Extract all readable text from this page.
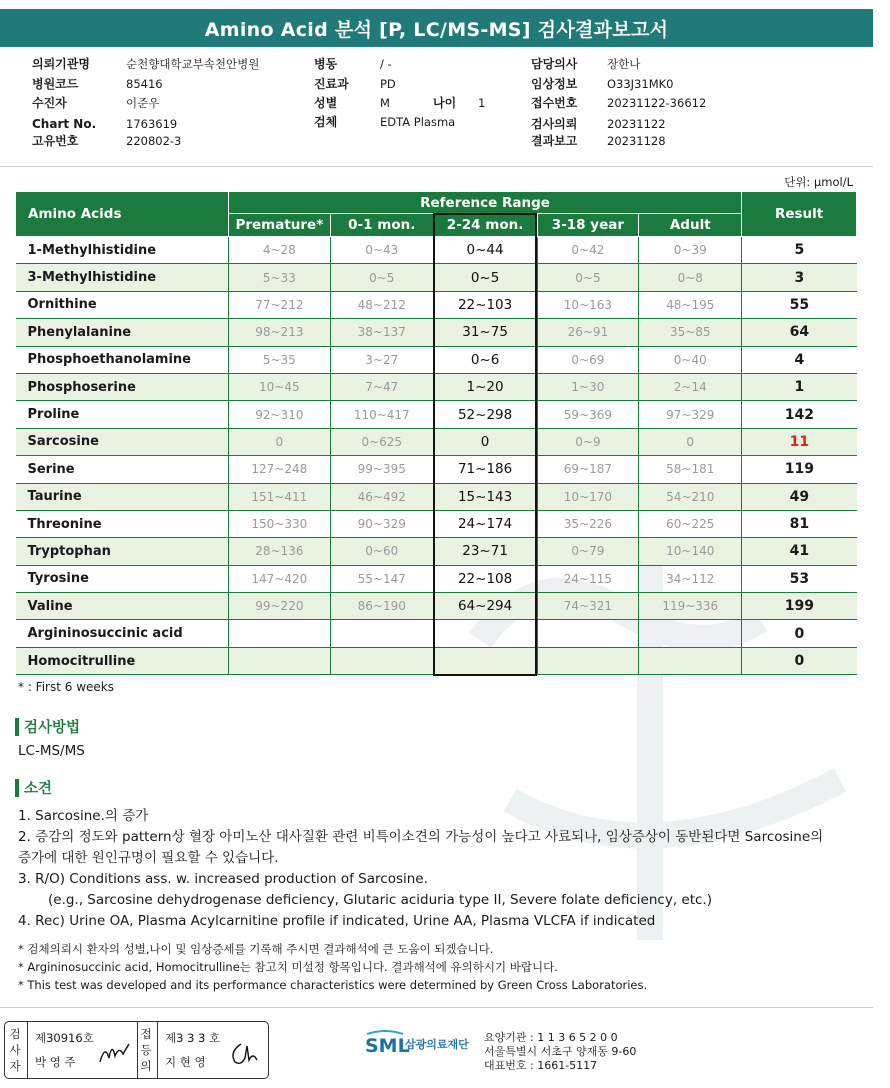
Amino Acid 분석 [P, LC/MS-MS] 검사결과보고서
의뢰기관명	순천향대학교부속천안병원
병원코드	85416
수진자	이준우
Chart No.	1763619
고유번호	220802-3
병동	/ -
진료과	PD
성별	M	나이 1
검체	EDTA Plasma
담당의사	장한나
임상정보	O33J31MK0
접수번호	20231122-36612
검사의뢰	20231122
결과보고	20231128
단위: µmol/L
Amino Acids	Reference Range					Result
	Premature*	0-1 mon.	2-24 mon.	3-18 year	Adult	
1-Methylhistidine	4~28	0~43	0~44	0~42	0~39	5
3-Methylhistidine	5~33	0~5	0~5	0~5	0~8	3
Ornithine	77~212	48~212	22~103	10~163	48~195	55
Phenylalanine	98~213	38~137	31~75	26~91	35~85	64
Phosphoethanolamine	5~35	3~27	0~6	0~69	0~40	4
Phosphoserine	10~45	7~47	1~20	1~30	2~14	1
Proline	92~310	110~417	52~298	59~369	97~329	142
Sarcosine	0	0~625	0	0~9	0	11
Serine	127~248	99~395	71~186	69~187	58~181	119
Taurine	151~411	46~492	15~143	10~170	54~210	49
Threonine	150~330	90~329	24~174	35~226	60~225	81
Tryptophan	28~136	0~60	23~71	0~79	10~140	41
Tyrosine	147~420	55~147	22~108	24~115	34~112	53
Valine	99~220	86~190	64~294	74~321	119~336	199
Argininosuccinic acid						0
Homocitrulline						0
* : First 6 weeks
검사방법
LC-MS/MS
소견
1. Sarcosine.의 증가
2. 증감의 정도와 pattern상 혈장 아미노산 대사질환 관련 비특이소견의 가능성이 높다고 사료되나, 임상증상이 동반된다면 Sarcosine의
증가에 대한 원인규명이 필요할 수 있습니다.
3. R/O) Conditions ass. w. increased production of Sarcosine.
(e.g., Sarcosine dehydrogenase deficiency, Glutaric aciduria type II, Severe folate deficiency, etc.)
4. Rec) Urine OA, Plasma Acylcarnitine profile if indicated, Urine AA, Plasma VLCFA if indicated
* 검체의뢰시 환자의 성별,나이 및 임상증세를 기록해 주시면 결과해석에 큰 도움이 되겠습니다.
* Argininosuccinic acid, Homocitrulline는 참고치 미설정 항목입니다. 결과해석에 유의하시기 바랍니다.
* This test was developed and its performance characteristics were determined by Green Cross Laboratories.
검사자
제30916호
박 영 주
접등의
제3 3 3 호
지 현 영
SML
삼광의료재단
요양기관 : 1 1 3 6 5 2 0 0
서울특별시 서초구 양재동 9-60
대표번호 : 1661-5117
